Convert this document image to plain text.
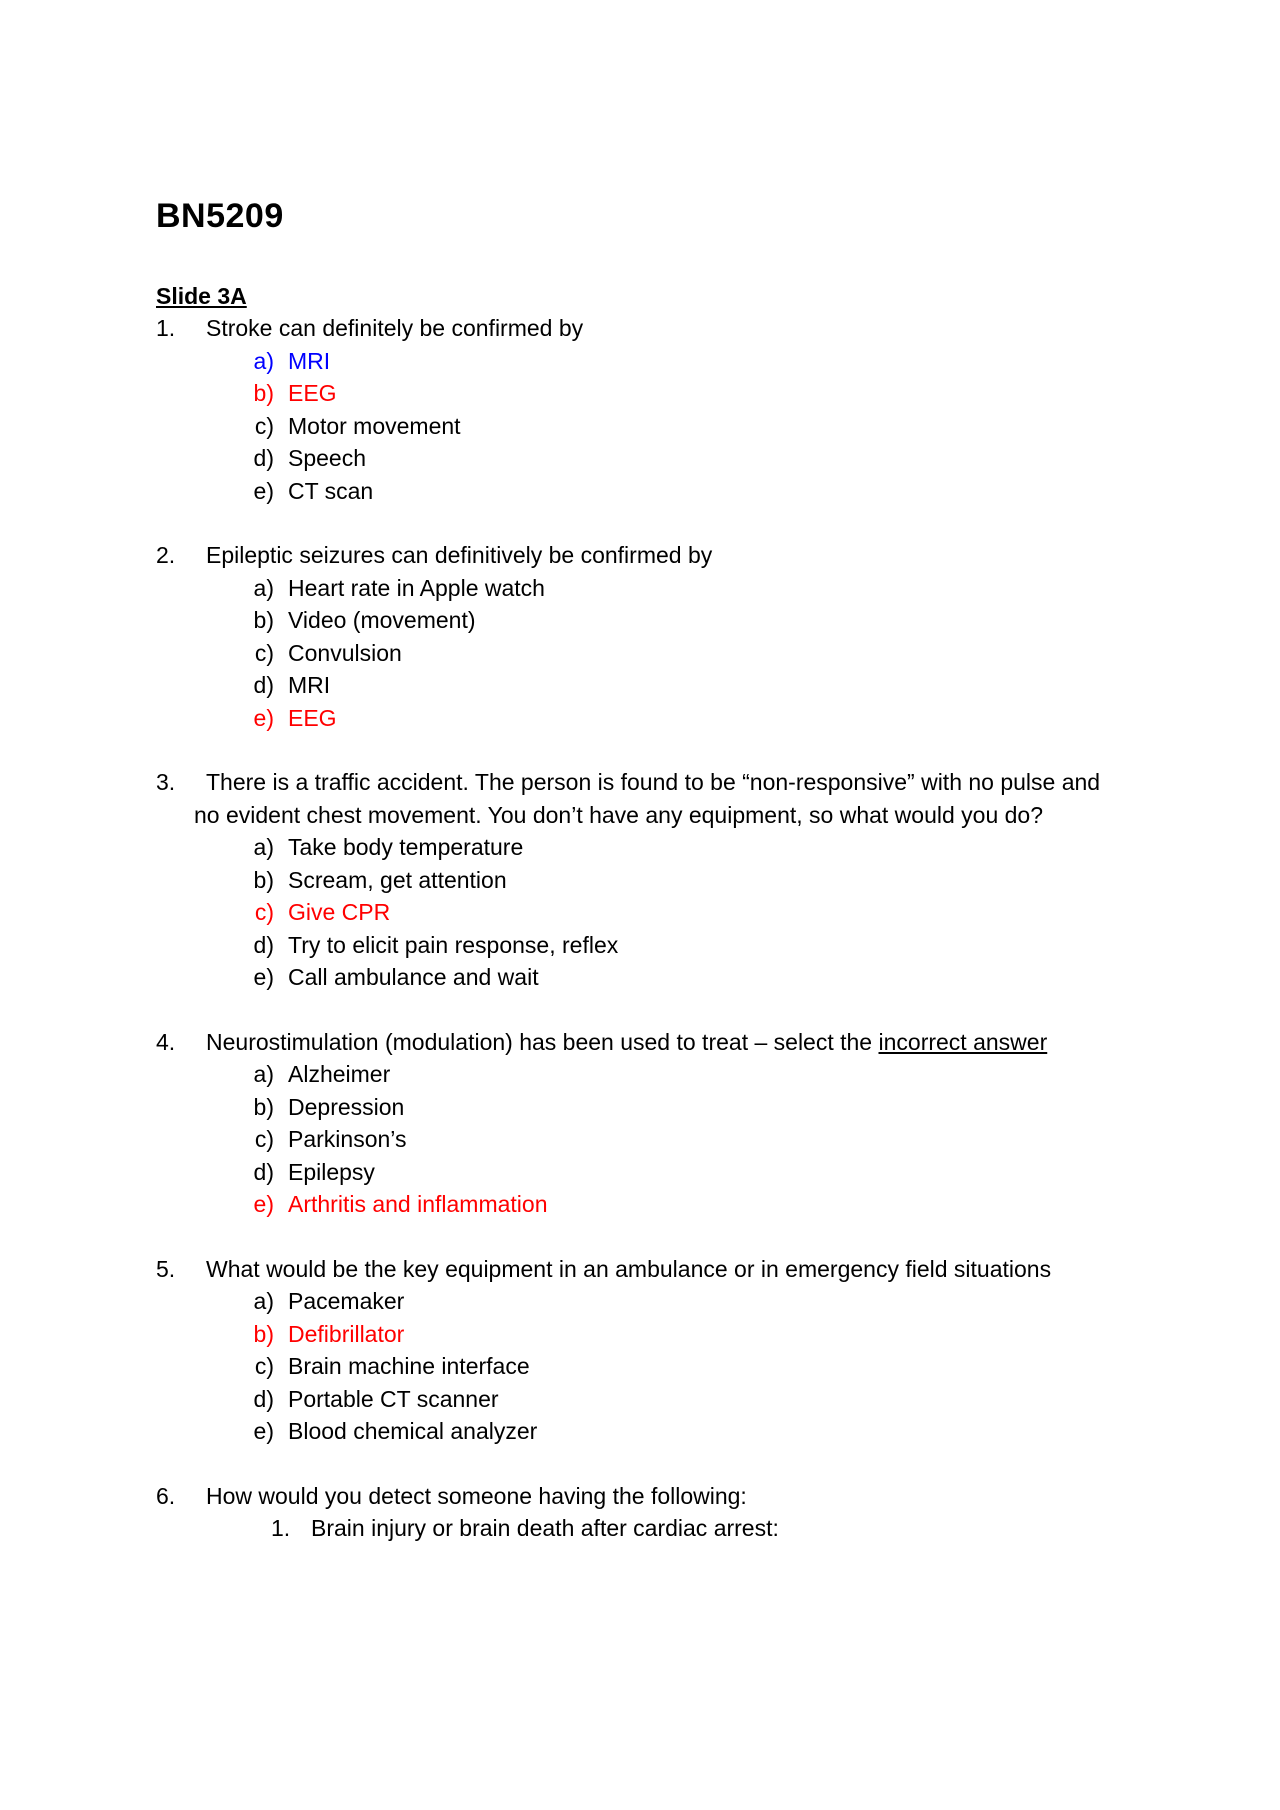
BN5209
Slide 3A
1.	Stroke can definitely be confirmed by
a) MRI
b) EEG
c) Motor movement
d) Speech
e) CT scan
2.	Epileptic seizures can definitively be confirmed by
a) Heart rate in Apple watch
b) Video (movement)
c) Convulsion
d) MRI
e) EEG
3.	There is a traffic accident. The person is found to be “non-responsive” with no pulse and
no evident chest movement. You don’t have any equipment, so what would you do?
a) Take body temperature
b) Scream, get attention
c) Give CPR
d) Try to elicit pain response, reflex
e) Call ambulance and wait
4.	Neurostimulation (modulation) has been used to treat – select the incorrect answer
a) Alzheimer
b) Depression
c) Parkinson’s
d) Epilepsy
e) Arthritis and inflammation
5.	What would be the key equipment in an ambulance or in emergency field situations
a) Pacemaker
b) Defibrillator
c) Brain machine interface
d) Portable CT scanner
e) Blood chemical analyzer
6.	How would you detect someone having the following:
1. Brain injury or brain death after cardiac arrest:
